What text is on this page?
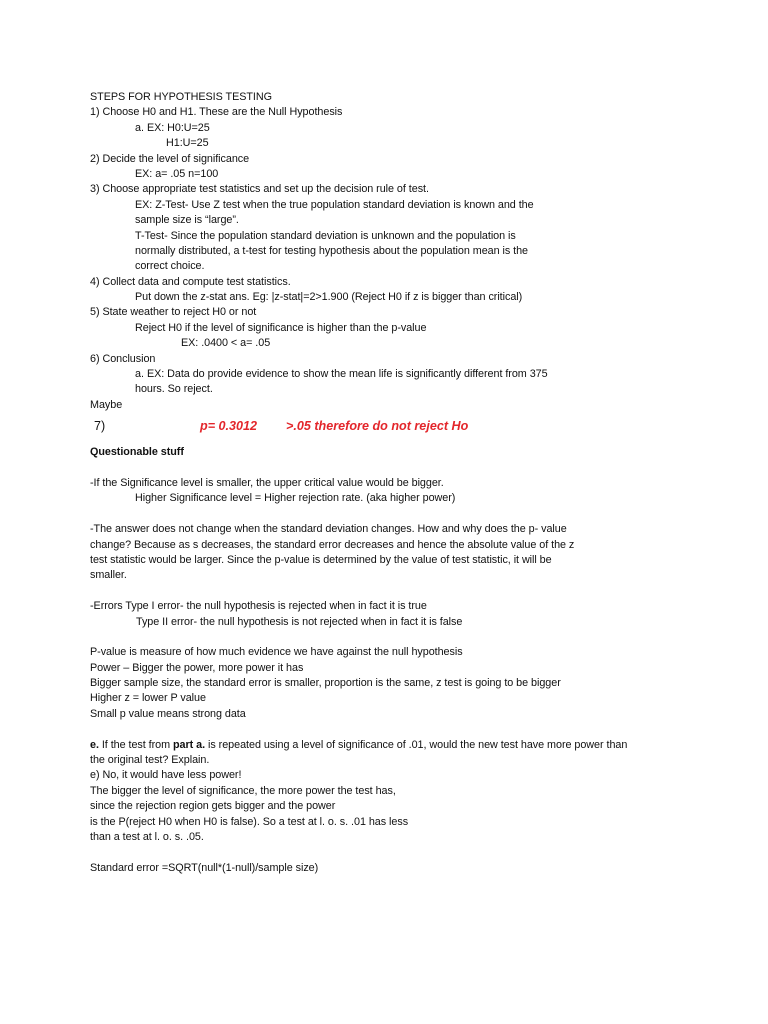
STEPS FOR HYPOTHESIS TESTING
1) Choose H0 and H1. These are the Null Hypothesis
a. EX: H0:U=25
H1:U=25
2) Decide the level of significance
EX: a= .05 n=100
3) Choose appropriate test statistics and set up the decision rule of test.
EX: Z-Test- Use Z test when the true population standard deviation is known and the
sample size is “large”.
T-Test- Since the population standard deviation is unknown and the population is
normally distributed, a t-test for testing hypothesis about the population mean is the
correct choice.
4) Collect data and compute test statistics.
Put down the z-stat ans. Eg: |z-stat|=2>1.900 (Reject H0 if z is bigger than critical)
5) State weather to reject H0 or not
Reject H0 if the level of significance is higher than the p-value
EX: .0400 < a= .05
6) Conclusion
a. EX: Data do provide evidence to show the mean life is significantly different from 375
hours. So reject.
Maybe
7)	p= 0.3012 >.05 therefore do not reject Ho
Questionable stuff
-If the Significance level is smaller, the upper critical value would be bigger.
Higher Significance level = Higher rejection rate. (aka higher power)
-The answer does not change when the standard deviation changes. How and why does the p- value
change? Because as s decreases, the standard error decreases and hence the absolute value of the z
test statistic would be larger. Since the p-value is determined by the value of test statistic, it will be
smaller.
-Errors Type I error- the null hypothesis is rejected when in fact it is true
Type II error- the null hypothesis is not rejected when in fact it is false
P-value is measure of how much evidence we have against the null hypothesis
Power – Bigger the power, more power it has
Bigger sample size, the standard error is smaller, proportion is the same, z test is going to be bigger
Higher z = lower P value
Small p value means strong data
e. If the test from part a. is repeated using a level of significance of .01, would the new test have more power than
the original test? Explain.
e) No, it would have less power!
The bigger the level of significance, the more power the test has,
since the rejection region gets bigger and the power
is the P(reject H0 when H0 is false). So a test at l. o. s. .01 has less
than a test at l. o. s. .05.
Standard error =SQRT(null*(1-null)/sample size)
